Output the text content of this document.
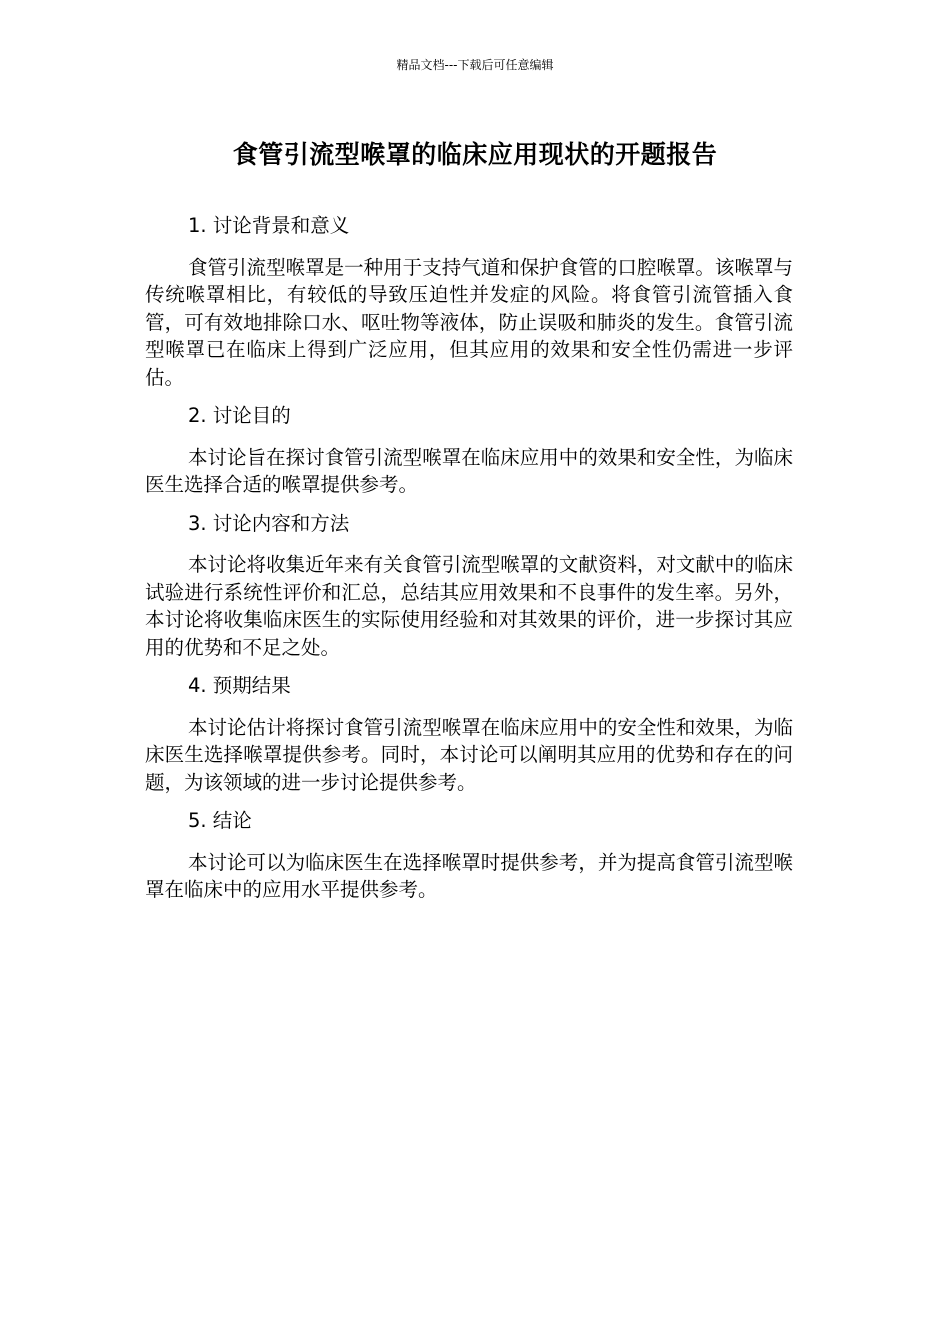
精品文档---下载后可任意编辑
食管引流型喉罩的临床应用现状的开题报告
1. 讨论背景和意义
食管引流型喉罩是一种用于支持气道和保护食管的口腔喉罩。该喉罩与传统喉罩相比，有较低的导致压迫性并发症的风险。将食管引流管插入食管，可有效地排除口水、呕吐物等液体，防止误吸和肺炎的发生。食管引流型喉罩已在临床上得到广泛应用，但其应用的效果和安全性仍需进一步评估。
2. 讨论目的
本讨论旨在探讨食管引流型喉罩在临床应用中的效果和安全性，为临床医生选择合适的喉罩提供参考。
3. 讨论内容和方法
本讨论将收集近年来有关食管引流型喉罩的文献资料，对文献中的临床试验进行系统性评价和汇总，总结其应用效果和不良事件的发生率。另外，本讨论将收集临床医生的实际使用经验和对其效果的评价，进一步探讨其应用的优势和不足之处。
4. 预期结果
本讨论估计将探讨食管引流型喉罩在临床应用中的安全性和效果，为临床医生选择喉罩提供参考。同时，本讨论可以阐明其应用的优势和存在的问题，为该领域的进一步讨论提供参考。
5. 结论
本讨论可以为临床医生在选择喉罩时提供参考，并为提高食管引流型喉罩在临床中的应用水平提供参考。
